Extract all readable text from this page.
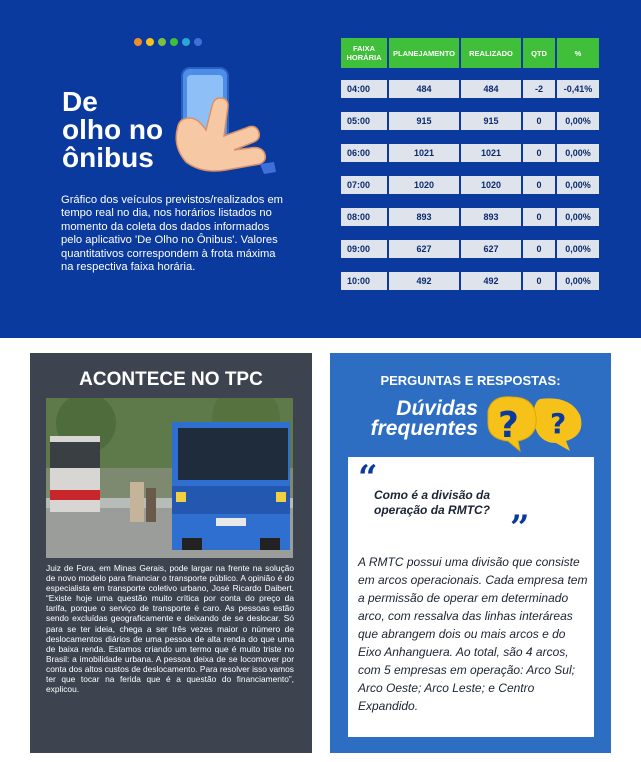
De
olho no
ônibus
Gráfico dos veículos previstos/realizados em tempo real no dia, nos horários listados no momento da coleta dos dados informados pelo aplicativo 'De Olho no Ônibus'. Valores quantitativos correspondem à frota máxima na respectiva faixa horária.
FAIXA HORÁRIA	PLANEJAMENTO	REALIZADO	QTD	%
04:00	484	484	-2	-0,41%
05:00	915	915	0	0,00%
06:00	1021	1021	0	0,00%
07:00	1020	1020	0	0,00%
08:00	893	893	0	0,00%
09:00	627	627	0	0,00%
10:00	492	492	0	0,00%
ACONTECE NO TPC
Juiz de Fora, em Minas Gerais, pode largar na frente na solução de novo modelo para financiar o transporte público. A opinião é do especialista em transporte coletivo urbano, José Ricardo Daibert. “Existe hoje uma questão muito crítica por conta do preço da tarifa, porque o serviço de transporte é caro. As pessoas estão sendo excluídas geograficamente e deixando de se deslocar. Só para se ter ideia, chega a ser três vezes maior o número de deslocamentos diários de uma pessoa de alta renda do que uma de baixa renda. Estamos criando um termo que é muito triste no Brasil: a imobilidade urbana. A pessoa deixa de se locomover por conta dos altos custos de deslocamento. Para resolver isso vamos ter que tocar na ferida que é a questão do financiamento”, explicou.
PERGUNTAS E RESPOSTAS:
Dúvidas
frequentes	?
?
“
Como é a divisão da operação da RMTC? ”
A RMTC possui uma divisão que consiste em arcos operacionais. Cada empresa tem a permissão de operar em determinado arco, com ressalva das linhas interáreas que abrangem dois ou mais arcos e do Eixo Anhanguera. Ao total, são 4 arcos, com 5 empresas em operação: Arco Sul; Arco Oeste; Arco Leste; e Centro Expandido.
